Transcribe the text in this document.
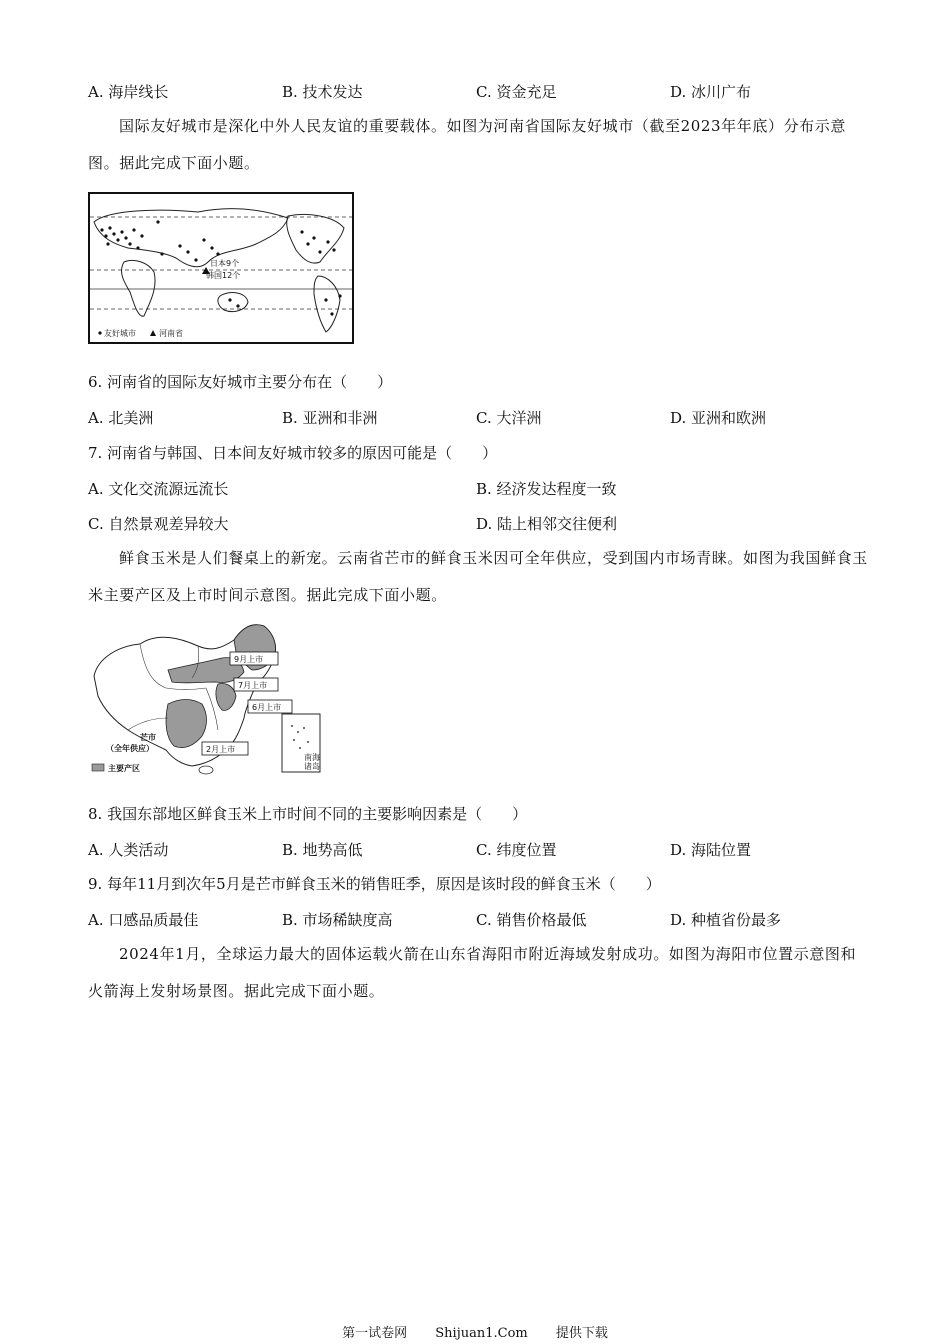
A. 海岸线长	B. 技术发达	C. 资金充足	D. 冰川广布
国际友好城市是深化中外人民友谊的重要载体。如图为河南省国际友好城市（截至2023年年底）分布示意图。据此完成下面小题。
日本9个
韩国12个
友好城市	河南省
6. 河南省的国际友好城市主要分布在（　　）
A. 北美洲	B. 亚洲和非洲	C. 大洋洲	D. 亚洲和欧洲
7. 河南省与韩国、日本间友好城市较多的原因可能是（　　）
A. 文化交流源远流长	B. 经济发达程度一致
C. 自然景观差异较大	D. 陆上相邻交往便利
鲜食玉米是人们餐桌上的新宠。云南省芒市的鲜食玉米因可全年供应，受到国内市场青睐。如图为我国鲜食玉米主要产区及上市时间示意图。据此完成下面小题。
9月上市
7月上市
6月上市
2月上市
芒市
（全年供应）
南海
诸岛
主要产区
8. 我国东部地区鲜食玉米上市时间不同的主要影响因素是（　　）
A. 人类活动	B. 地势高低	C. 纬度位置	D. 海陆位置
9. 每年11月到次年5月是芒市鲜食玉米的销售旺季，原因是该时段的鲜食玉米（　　）
A. 口感品质最佳	B. 市场稀缺度高	C. 销售价格最低	D. 种植省份最多
2024年1月，全球运力最大的固体运载火箭在山东省海阳市附近海域发射成功。如图为海阳市位置示意图和火箭海上发射场景图。据此完成下面小题。
第一试卷网 Shijuan1.Com 提供下载
